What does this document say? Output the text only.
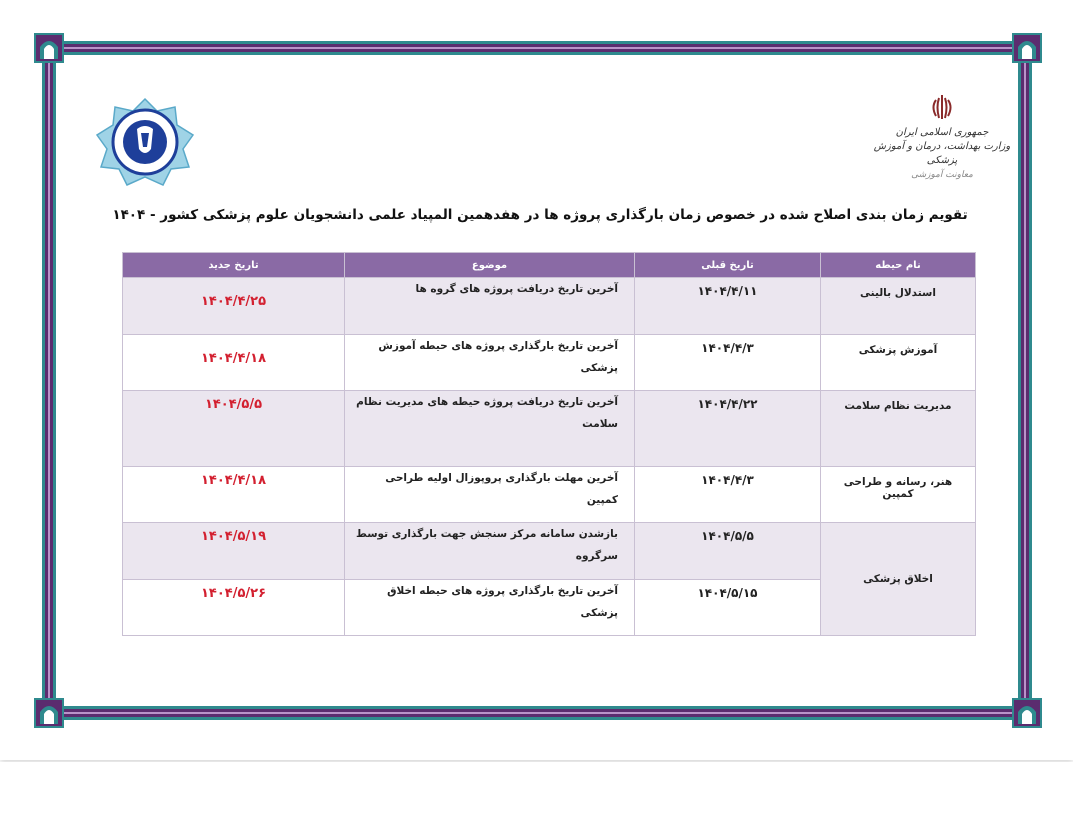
جمهوری اسلامی ایران
وزارت بهداشت، درمان و آموزش پزشکی
معاونت آموزشی
تقویم زمان بندی اصلاح شده در خصوص زمان بارگذاری پروژه ها در هفدهمین المپیاد علمی دانشجویان علوم پزشکی کشور - ۱۴۰۴
نام حیطه	تاریخ قبلی	موضوع	تاریخ جدید
استدلال بالینی	۱۴۰۴/۴/۱۱	آخرین تاریخ دریافت پروژه های گروه ها	۱۴۰۴/۴/۲۵
آموزش پزشکی	۱۴۰۴/۴/۳	آخرین تاریخ بارگذاری پروژه های حیطه آموزش پزشکی	۱۴۰۴/۴/۱۸
مدیریت نظام سلامت	۱۴۰۴/۴/۲۲	آخرین تاریخ دریافت پروژه حیطه های مدیریت نظام سلامت	۱۴۰۴/۵/۵
هنر، رسانه و طراحی کمپین	۱۴۰۴/۴/۳	آخرین مهلت بارگذاری پروپوزال اولیه طراحی کمپین	۱۴۰۴/۴/۱۸
اخلاق پزشکی	۱۴۰۴/۵/۵	بازشدن سامانه مرکز سنجش جهت بارگذاری توسط سرگروه	۱۴۰۴/۵/۱۹
	۱۴۰۴/۵/۱۵	آخرین تاریخ بارگذاری پروژه های حیطه اخلاق پزشکی	۱۴۰۴/۵/۲۶
